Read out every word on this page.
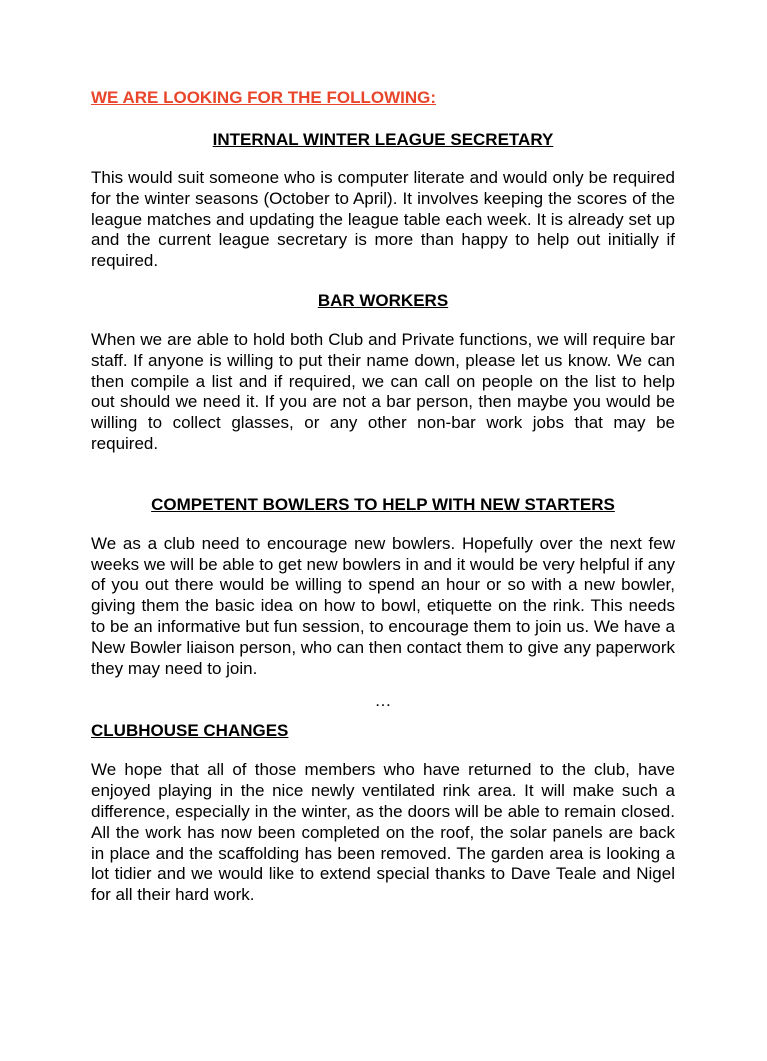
WE ARE LOOKING FOR THE FOLLOWING:

INTERNAL WINTER LEAGUE SECRETARY

This would suit someone who is computer literate and would only be required for the winter seasons (October to April). It involves keeping the scores of the league matches and updating the league table each week. It is already set up and the current league secretary is more than happy to help out initially if required.

BAR WORKERS

When we are able to hold both Club and Private functions, we will require bar staff. If anyone is willing to put their name down, please let us know. We can then compile a list and if required, we can call on people on the list to help out should we need it. If you are not a bar person, then maybe you would be willing to collect glasses, or any other non-bar work jobs that may be required.

COMPETENT BOWLERS TO HELP WITH NEW STARTERS

We as a club need to encourage new bowlers. Hopefully over the next few weeks we will be able to get new bowlers in and it would be very helpful if any of you out there would be willing to spend an hour or so with a new bowler, giving them the basic idea on how to bowl, etiquette on the rink. This needs to be an informative but fun session, to encourage them to join us. We have a New Bowler liaison person, who can then contact them to give any paperwork they may need to join.

…

CLUBHOUSE CHANGES

We hope that all of those members who have returned to the club, have enjoyed playing in the nice newly ventilated rink area. It will make such a difference, especially in the winter, as the doors will be able to remain closed. All the work has now been completed on the roof, the solar panels are back in place and the scaffolding has been removed. The garden area is looking a lot tidier and we would like to extend special thanks to Dave Teale and Nigel for all their hard work.
